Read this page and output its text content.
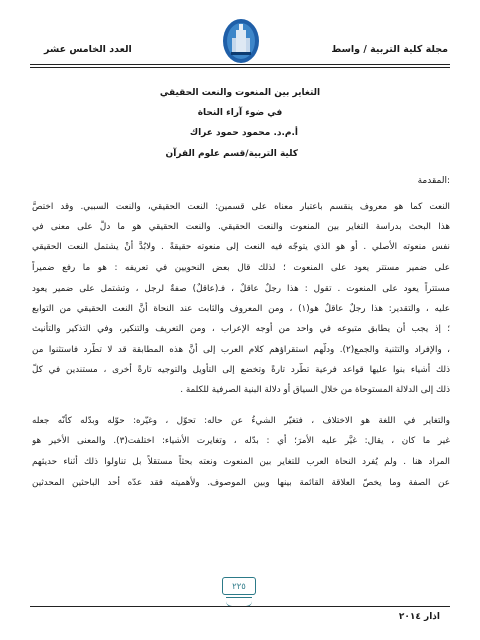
مجلة كلية التربية / واسط
العدد الخامس عشر
التغاير بين المنعوت والنعت الحقيقي
في ضوء آراء النحاة
أ.م.د. محمود حمود عراك
كلية التربية/قسم علوم القرآن
المقدمة:
النعت كما هو معروف ينقسم باعتبار معناه على قسمين: النعت الحقيقي، والنعت السببي. وقد اختصَّ
هذا البحث بدراسة التغاير بين المنعوت والنعت الحقيقي. والنعت الحقيقي هو ما دلَّ على معنى في
نفس منعوته الأصلي . أو هو الذي يتوجّه فيه النعت إلى منعوته حقيقةً . ولابُدَّ أنْ يشتمل النعت الحقيقي
على ضمير مستتر يعود على المنعوت ؛ لذلك قال بعض النحويين في تعريفه : هو ما رفع ضميراً
مستتراً يعود على المنعوت . تقول : هذا رجلٌ عاقلٌ ، فـ(عاقلٌ) صفةٌ لرجل ، وتشتمل على ضمير يعود
عليه ، والتقدير: هذا رجلٌ عاقلٌ هو(١) ، ومن المعروف والثابت عند النحاة أنَّ النعت الحقيقي من التوابع
؛ إذ يجب أن يطابق متبوعه في واحد من أوجه الإعراب ، ومن التعريف والتنكير، وفي التذكير والتأنيث
، والإفراد والتثنية والجمع(٢). ودلّهم استقراؤهم كلام العرب إلى أنَّ هذه المطابقة قد لا تطّرد فاستثنوا من
ذلك أشياء بنوا عليها قواعد فرعية تطّرد تارةً وتخضع إلى التأويل والتوجيه تارةً أخرى ، مستندين في كلّ
ذلك إلى الدلالة المستوحاة من خلال السياق أو دلالة البنية الصرفية للكلمة .
والتغاير في اللغة هو الاختلاف ، فتغيّر الشيءُ عن حاله: تحوّل ، وغيّره: حوّله وبدّله كأنّه جعله
غير ما كان ، يقال: غيَّر عليه الأمرَ؛ أي : بدّله ، وتغايرت الأشياء: اختلفت(٣). والمعنى الأخير هو
المراد هنا . ولم يُفرد النحاة العرب للتغاير بين المنعوت ونعته بحثاً مستقلاً بل تناولوا ذلك أثناء حديثهم
عن الصفة وما يخصّ العلاقة القائمة بينها وبين الموصوف. ولأهميته فقد عدّه أحد الباحثين المحدثين
٢٢٥
اذار ٢٠١٤
